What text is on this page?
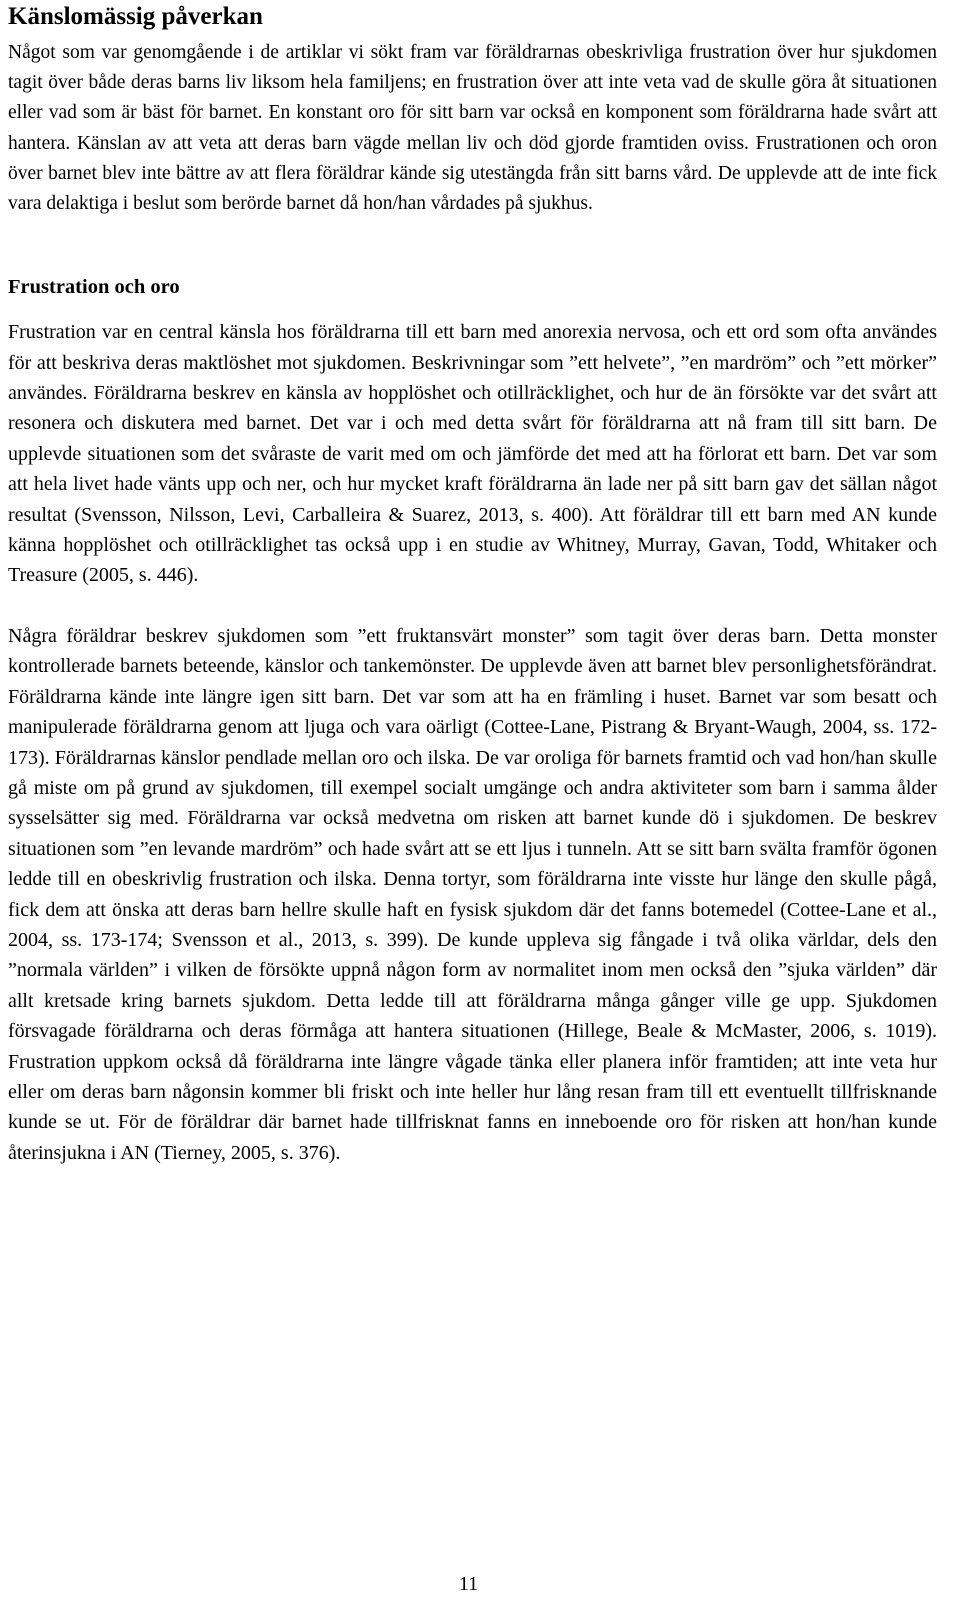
Känslomässig påverkan

Något som var genomgående i de artiklar vi sökt fram var föräldrarnas obeskrivliga frustration över hur sjukdomen tagit över både deras barns liv liksom hela familjens; en frustration över att inte veta vad de skulle göra åt situationen eller vad som är bäst för barnet. En konstant oro för sitt barn var också en komponent som föräldrarna hade svårt att hantera. Känslan av att veta att deras barn vägde mellan liv och död gjorde framtiden oviss. Frustrationen och oron över barnet blev inte bättre av att flera föräldrar kände sig utestängda från sitt barns vård. De upplevde att de inte fick vara delaktiga i beslut som berörde barnet då hon/han vårdades på sjukhus.

Frustration och oro

Frustration var en central känsla hos föräldrarna till ett barn med anorexia nervosa, och ett ord som ofta användes för att beskriva deras maktlöshet mot sjukdomen. Beskrivningar som ”ett helvete”, ”en mardröm” och ”ett mörker” användes. Föräldrarna beskrev en känsla av hopplöshet och otillräcklighet, och hur de än försökte var det svårt att resonera och diskutera med barnet. Det var i och med detta svårt för föräldrarna att nå fram till sitt barn. De upplevde situationen som det svåraste de varit med om och jämförde det med att ha förlorat ett barn. Det var som att hela livet hade vänts upp och ner, och hur mycket kraft föräldrarna än lade ner på sitt barn gav det sällan något resultat (Svensson, Nilsson, Levi, Carballeira & Suarez, 2013, s. 400). Att föräldrar till ett barn med AN kunde känna hopplöshet och otillräcklighet tas också upp i en studie av Whitney, Murray, Gavan, Todd, Whitaker och Treasure (2005, s. 446).

Några föräldrar beskrev sjukdomen som ”ett fruktansvärt monster” som tagit över deras barn. Detta monster kontrollerade barnets beteende, känslor och tankemönster. De upplevde även att barnet blev personlighetsförändrat. Föräldrarna kände inte längre igen sitt barn. Det var som att ha en främling i huset. Barnet var som besatt och manipulerade föräldrarna genom att ljuga och vara oärligt (Cottee-Lane, Pistrang & Bryant-Waugh, 2004, ss. 172-173). Föräldrarnas känslor pendlade mellan oro och ilska. De var oroliga för barnets framtid och vad hon/han skulle gå miste om på grund av sjukdomen, till exempel socialt umgänge och andra aktiviteter som barn i samma ålder sysselsätter sig med. Föräldrarna var också medvetna om risken att barnet kunde dö i sjukdomen. De beskrev situationen som ”en levande mardröm” och hade svårt att se ett ljus i tunneln. Att se sitt barn svälta framför ögonen ledde till en obeskrivlig frustration och ilska. Denna tortyr, som föräldrarna inte visste hur länge den skulle pågå, fick dem att önska att deras barn hellre skulle haft en fysisk sjukdom där det fanns botemedel (Cottee-Lane et al., 2004, ss. 173-174; Svensson et al., 2013, s. 399). De kunde uppleva sig fångade i två olika världar, dels den ”normala världen” i vilken de försökte uppnå någon form av normalitet inom men också den ”sjuka världen” där allt kretsade kring barnets sjukdom. Detta ledde till att föräldrarna många gånger ville ge upp. Sjukdomen försvagade föräldrarna och deras förmåga att hantera situationen (Hillege, Beale & McMaster, 2006, s. 1019). Frustration uppkom också då föräldrarna inte längre vågade tänka eller planera inför framtiden; att inte veta hur eller om deras barn någonsin kommer bli friskt och inte heller hur lång resan fram till ett eventuellt tillfrisknande kunde se ut. För de föräldrar där barnet hade tillfrisknat fanns en inneboende oro för risken att hon/han kunde återinsjukna i AN (Tierney, 2005, s. 376).

11
